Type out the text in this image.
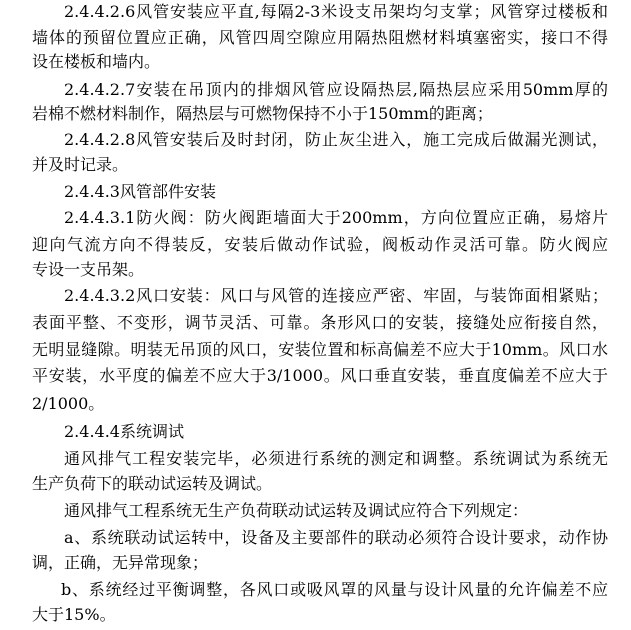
2.4.4.2.6风管安装应平直,每隔2-3米设支吊架均匀支掌；风管穿过楼板和
墙体的预留位置应正确，风管四周空隙应用隔热阻燃材料填塞密实，接口不得
设在楼板和墙内。
2.4.4.2.7安装在吊顶内的排烟风管应设隔热层,隔热层应采用50mm厚的
岩棉不燃材料制作，隔热层与可燃物保持不小于150mm的距离；
2.4.4.2.8风管安装后及时封闭，防止灰尘进入，施工完成后做漏光测试，
并及时记录。
2.4.4.3风管部件安装
2.4.4.3.1防火阀：防火阀距墙面大于200mm，方向位置应正确，易熔片
迎向气流方向不得装反，安装后做动作试验，阀板动作灵活可靠。防火阀应
专设一支吊架。
2.4.4.3.2风口安装：风口与风管的连接应严密、牢固，与装饰面相紧贴；
表面平整、不变形，调节灵活、可靠。条形风口的安装，接缝处应衔接自然，
无明显缝隙。明装无吊顶的风口，安装位置和标高偏差不应大于10mm。风口水
平安装，水平度的偏差不应大于3/1000。风口垂直安装，垂直度偏差不应大于
2/1000。
2.4.4.4系统调试
通风排气工程安装完毕，必须进行系统的测定和调整。系统调试为系统无
生产负荷下的联动试运转及调试。
通风排气工程系统无生产负荷联动试运转及调试应符合下列规定：
a、系统联动试运转中，设备及主要部件的联动必须符合设计要求，动作协
调，正确，无异常现象；
b、系统经过平衡调整，各风口或吸风罩的风量与设计风量的允许偏差不应
大于15%。
